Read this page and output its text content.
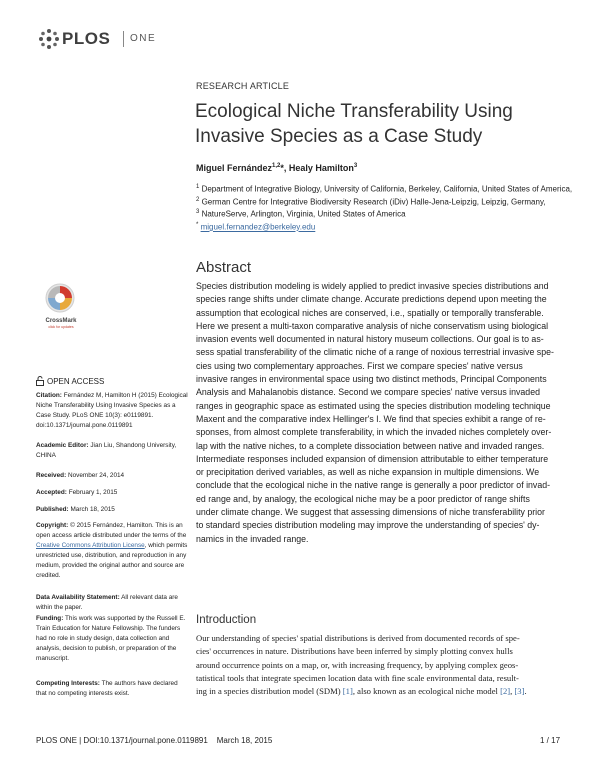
PLOS ONE
RESEARCH ARTICLE
Ecological Niche Transferability Using
Invasive Species as a Case Study
Miguel Fernández$^{1,2}$*, Healy Hamilton$^3$
$^1$ Department of Integrative Biology, University of California, Berkeley, California, United States of America,
$^2$ German Centre for Integrative Biodiversity Research (iDiv) Halle-Jena-Leipzig, Leipzig, Germany,
$^3$ NatureServe, Arlington, Virginia, United States of America
* miguel.fernandez@berkeley.edu
CrossMark
click for updates
OPEN ACCESS
Citation: Fernández M, Hamilton H (2015) Ecological
Niche Transferability Using Invasive Species as a
Case Study. PLoS ONE 10(3): e0119891.
doi:10.1371/journal.pone.0119891
Academic Editor: Jian Liu, Shandong University,
CHINA
Received: November 24, 2014
Accepted: February 1, 2015
Published: March 18, 2015
Copyright: © 2015 Fernández, Hamilton. This is an
open access article distributed under the terms of the
Creative Commons Attribution License, which permits
unrestricted use, distribution, and reproduction in any
medium, provided the original author and source are
credited.
Data Availability Statement: All relevant data are
within the paper.
Funding: This work was supported by the Russell E.
Train Education for Nature Fellowship. The funders
had no role in study design, data collection and
analysis, decision to publish, or preparation of the
manuscript.
Competing Interests: The authors have declared
that no competing interests exist.
Abstract
Species distribution modeling is widely applied to predict invasive species distributions and
species range shifts under climate change. Accurate predictions depend upon meeting the
assumption that ecological niches are conserved, i.e., spatially or temporally transferable.
Here we present a multi-taxon comparative analysis of niche conservatism using biological
invasion events well documented in natural history museum collections. Our goal is to as-
sess spatial transferability of the climatic niche of a range of noxious terrestrial invasive spe-
cies using two complementary approaches. First we compare species' native versus
invasive ranges in environmental space using two distinct methods, Principal Components
Analysis and Mahalanobis distance. Second we compare species' native versus invaded
ranges in geographic space as estimated using the species distribution modeling technique
Maxent and the comparative index Hellinger's I. We find that species exhibit a range of re-
sponses, from almost complete transferability, in which the invaded niches completely over-
lap with the native niches, to a complete dissociation between native and invaded ranges.
Intermediate responses included expansion of dimension attributable to either temperature
or precipitation derived variables, as well as niche expansion in multiple dimensions. We
conclude that the ecological niche in the native range is generally a poor predictor of invad-
ed range and, by analogy, the ecological niche may be a poor predictor of range shifts
under climate change. We suggest that assessing dimensions of niche transferability prior
to standard species distribution modeling may improve the understanding of species' dy-
namics in the invaded range.
Introduction
Our understanding of species' spatial distributions is derived from documented records of spe-
cies' occurrences in nature. Distributions have been inferred by simply plotting convex hulls
around occurrence points on a map, or, with increasing frequency, by applying complex geos-
tatistical tools that integrate specimen location data with fine scale environmental data, result-
ing in a species distribution model (SDM) [1], also known as an ecological niche model [2], [3].
PLOS ONE | DOI:10.1371/journal.pone.0119891    March 18, 2015	1 / 17
